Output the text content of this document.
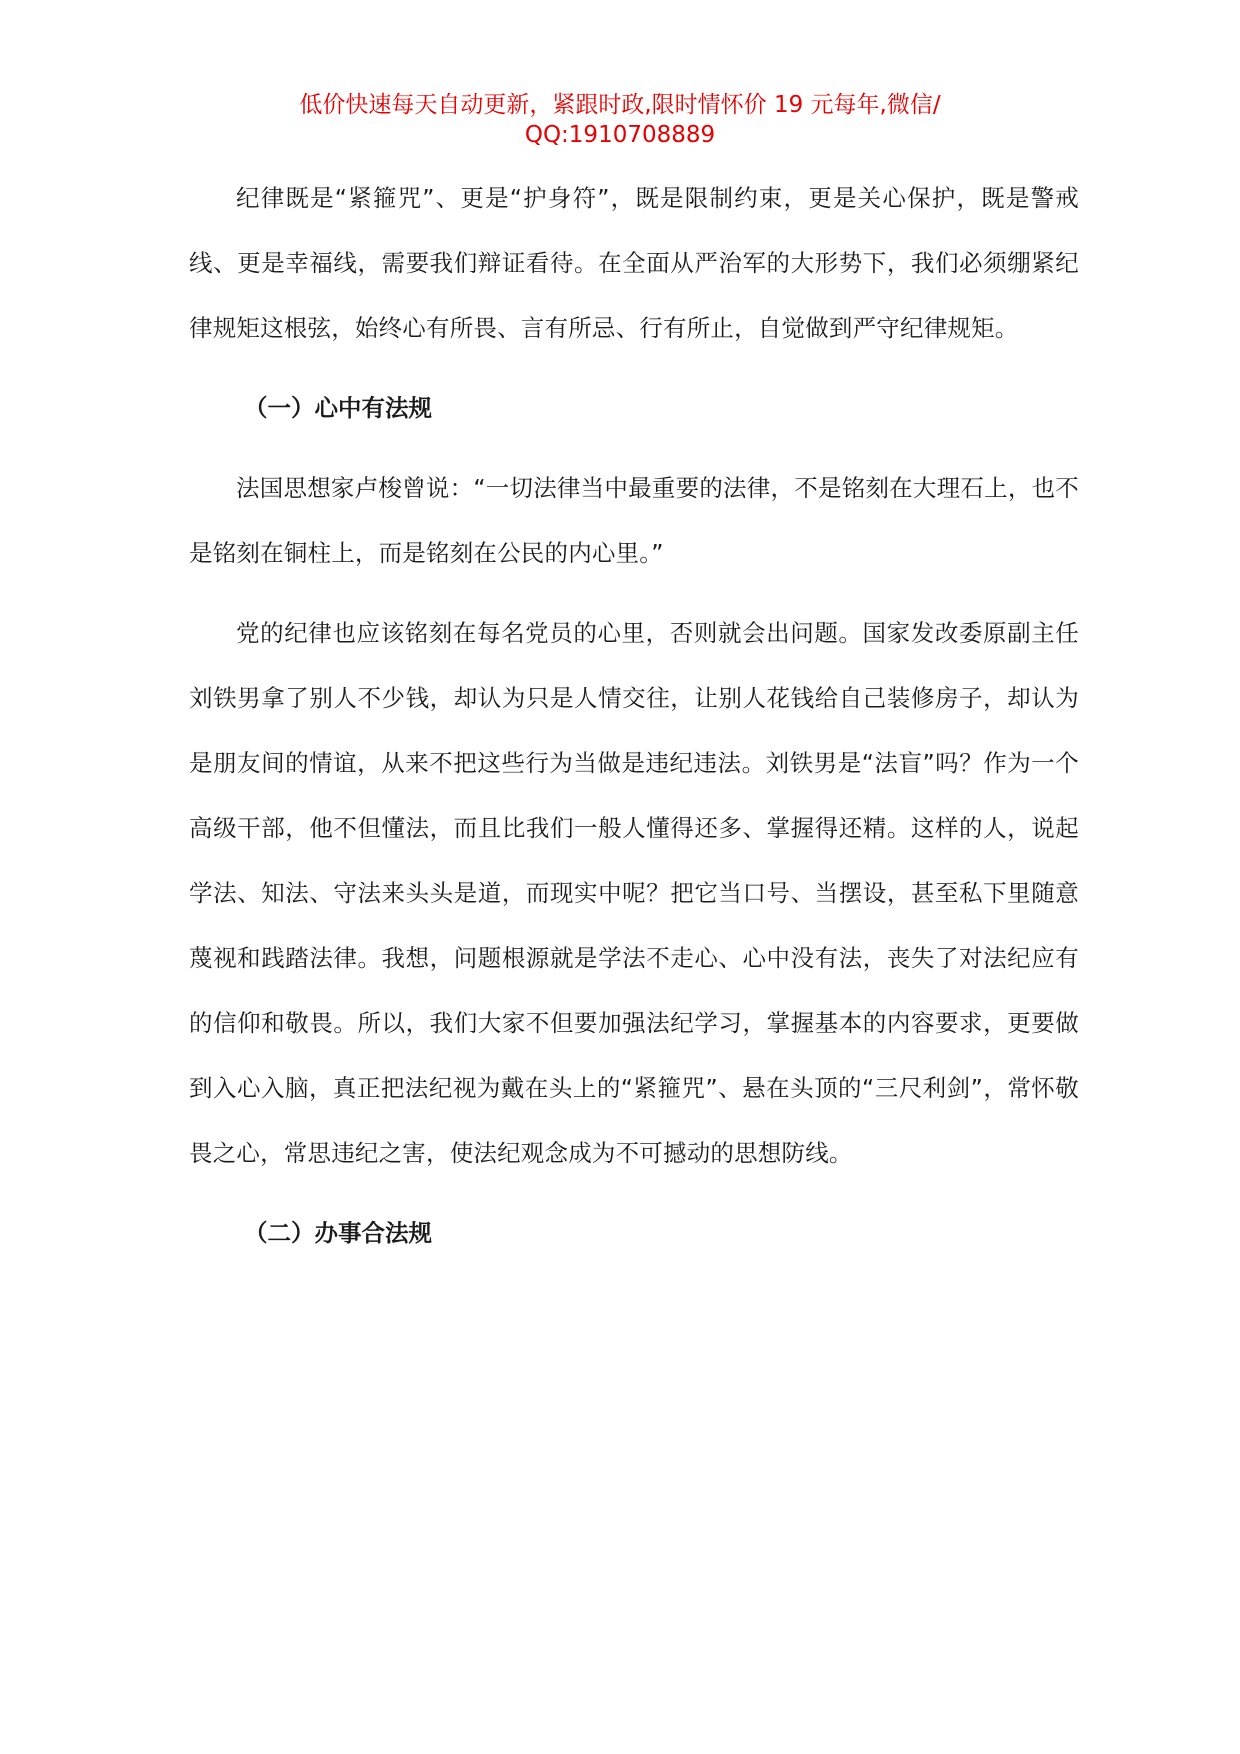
低价快速每天自动更新，紧跟时政,限时情怀价 19 元每年,微信/
QQ:1910708889

纪律既是“紧箍咒”、更是“护身符”，既是限制约束，更是关心保护，既是警戒线、更是幸福线，需要我们辩证看待。在全面从严治军的大形势下，我们必须绷紧纪律规矩这根弦，始终心有所畏、言有所忌、行有所止，自觉做到严守纪律规矩。

（一）心中有法规

法国思想家卢梭曾说：“一切法律当中最重要的法律，不是铭刻在大理石上，也不是铭刻在铜柱上，而是铭刻在公民的内心里。”

党的纪律也应该铭刻在每名党员的心里，否则就会出问题。国家发改委原副主任刘铁男拿了别人不少钱，却认为只是人情交往，让别人花钱给自己装修房子，却认为是朋友间的情谊，从来不把这些行为当做是违纪违法。刘铁男是“法盲”吗？作为一个高级干部，他不但懂法，而且比我们一般人懂得还多、掌握得还精。这样的人，说起学法、知法、守法来头头是道，而现实中呢？把它当口号、当摆设，甚至私下里随意蔑视和践踏法律。我想，问题根源就是学法不走心、心中没有法，丧失了对法纪应有的信仰和敬畏。所以，我们大家不但要加强法纪学习，掌握基本的内容要求，更要做到入心入脑，真正把法纪视为戴在头上的“紧箍咒”、悬在头顶的“三尺利剑”，常怀敬畏之心，常思违纪之害，使法纪观念成为不可撼动的思想防线。

（二）办事合法规
